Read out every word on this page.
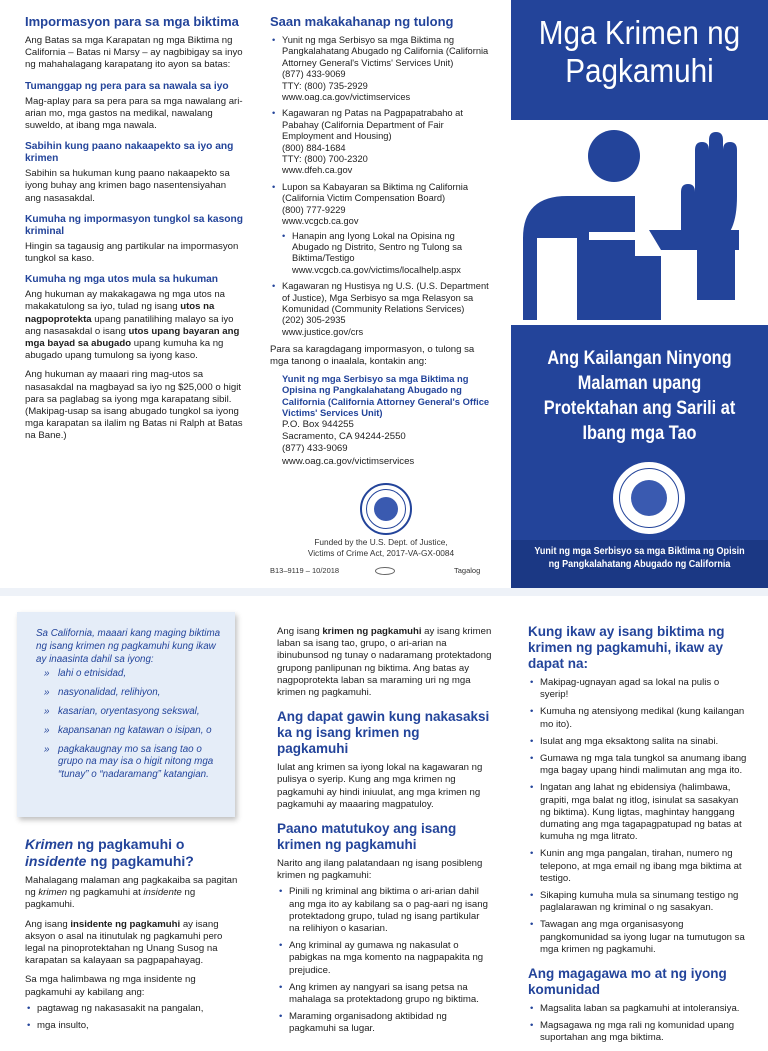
Impormasyon para sa mga biktima

Ang Batas sa mga Karapatan ng mga Biktima ng California – Batas ni Marsy – ay nagbibigay sa inyo ng mahahalagang karapatang ito ayon sa batas:

Tumanggap ng pera para sa nawala sa iyo

Mag-aplay para sa pera para sa mga nawalang ari-arian mo, mga gastos na medikal, nawalang suweldo, at ibang mga nawala.

Sabihin kung paano nakaapekto sa iyo ang krimen

Sabihin sa hukuman kung paano nakaapekto sa iyong buhay ang krimen bago nasentensiyahan ang nasasakdal.

Kumuha ng impormasyon tungkol sa kasong kriminal

Hingin sa tagausig ang partikular na impormasyon tungkol sa kaso.

Kumuha ng mga utos mula sa hukuman

Ang hukuman ay makakagawa ng mga utos na makakatulong sa iyo, tulad ng isang utos na nagpoprotekta upang panatilihing malayo sa iyo ang nasasakdal o isang utos upang bayaran ang mga bayad sa abugado upang kumuha ka ng abugado upang tumulong sa iyong kaso.

Ang hukuman ay maaari ring mag-utos sa nasasakdal na magbayad sa iyo ng $25,000 o higit para sa paglabag sa iyong mga karapatang sibil. (Makipag-usap sa isang abugado tungkol sa iyong mga karapatan sa ilalim ng Batas ni Ralph at Batas na Bane.)

Saan makakahanap ng tulong
• Yunit ng mga Serbisyo sa mga Biktima ng Pangkalahatang Abugado ng California (California Attorney General's Victims' Services Unit)
(877) 433-9069
TTY: (800) 735-2929
www.oag.ca.gov/victimservices
• Kagawaran ng Patas na Pagpapatrabaho at Pabahay (California Department of Fair Employment and Housing)
(800) 884-1684
TTY: (800) 700-2320
www.dfeh.ca.gov
• Lupon sa Kabayaran sa Biktima ng California (California Victim Compensation Board)
(800) 777-9229
www.vcgcb.ca.gov
• Hanapin ang Iyong Lokal na Opisina ng Abugado ng Distrito, Sentro ng Tulong sa Biktima/Testigo www.vcgcb.ca.gov/victims/localhelp.aspx
• Kagawaran ng Hustisya ng U.S. (U.S. Department of Justice), Mga Serbisyo sa mga Relasyon sa Komunidad (Community Relations Services)
(202) 305-2935
www.justice.gov/crs

Para sa karagdagang impormasyon, o tulong sa mga tanong o inaalala, kontakin ang:

Yunit ng mga Serbisyo sa mga Biktima ng Opisina ng Pangkalahatang Abugado ng California (California Attorney General's Office Victims' Services Unit)
P.O. Box 944255
Sacramento, CA 94244-2550
(877) 433-9069
www.oag.ca.gov/victimservices
Funded by the U.S. Dept. of Justice,
Victims of Crime Act, 2017-VA-GX-0084
B13–9119 – 10/2018	Tagalog
Mga Krimen ng Pagkamuhi
Ang Kailangan Ninyong Malaman upang Protektahan ang Sarili at Ibang mga Tao
Yunit ng mga Serbisyo sa mga Biktima ng Opisin ng Pangkalahatang Abugado ng California
Sa California, maaari kang maging biktima ng isang krimen ng pagkamuhi kung ikaw ay inaasinta dahil sa iyong:
» lahi o etnisidad,
» nasyonalidad, relihiyon,
» kasarian, oryentasyong sekswal,
» kapansanan ng katawan o isipan, o
» pagkakaugnay mo sa isang tao o grupo na may isa o higit nitong mga “tunay” o “nadaramang” katangian.
Krimen ng pagkamuhi o insidente ng pagkamuhi?

Mahalagang malaman ang pagkakaiba sa pagitan ng krimen ng pagkamuhi at insidente ng pagkamuhi.

Ang isang insidente ng pagkamuhi ay isang aksyon o asal na itinutulak ng pagkamuhi pero legal na pinoprotektahan ng Unang Susog na karapatan sa kalayaan sa pagpapahayag.

Sa mga halimbawa ng mga insidente ng pagkamuhi ay kabilang ang:

• pagtawag ng nakasasakit na pangalan,
• mga insulto,

Ang isang krimen ng pagkamuhi ay isang krimen laban sa isang tao, grupo, o ari-arian na ibinubunsod ng tunay o nadaramang protektadong grupong panlipunan ng biktima. Ang batas ay nagpoprotekta laban sa maraming uri ng mga krimen ng pagkamuhi.

Ang dapat gawin kung nakasaksi ka ng isang krimen ng pagkamuhi

Iulat ang krimen sa iyong lokal na kagawaran ng pulisya o syerip. Kung ang mga krimen ng pagkamuhi ay hindi iniuulat, ang mga krimen ng pagkamuhi ay maaaring magpatuloy.

Paano matutukoy ang isang krimen ng pagkamuhi

Narito ang ilang palatandaan ng isang posibleng krimen ng pagkamuhi:

• Pinili ng kriminal ang biktima o ari-arian dahil ang mga ito ay kabilang sa o pag-aari ng isang protektadong grupo, tulad ng isang partikular na relihiyon o kasarian.
• Ang kriminal ay gumawa ng nakasulat o pabigkas na mga komento na nagpapakita ng prejudice.
• Ang krimen ay nangyari sa isang petsa na mahalaga sa protektadong grupo ng biktima.
• Maraming organisadong aktibidad ng pagkamuhi sa lugar.
Kung ikaw ay isang biktima ng krimen ng pagkamuhi, ikaw ay dapat na:
• Makipag-ugnayan agad sa lokal na pulis o syerip!
• Kumuha ng atensiyong medikal (kung kailangan mo ito).
• Isulat ang mga eksaktong salita na sinabi.
• Gumawa ng mga tala tungkol sa anumang ibang mga bagay upang hindi malimutan ang mga ito.
• Ingatan ang lahat ng ebidensiya (halimbawa, grapiti, mga balat ng itlog, isinulat sa sasakyan ng biktima). Kung ligtas, maghintay hanggang dumating ang mga tagapagpatupad ng batas at kumuha ng mga litrato.
• Kunin ang mga pangalan, tirahan, numero ng telepono, at mga email ng ibang mga biktima at testigo.
• Sikaping kumuha mula sa sinumang testigo ng paglalarawan ng kriminal o ng sasakyan.
• Tawagan ang mga organisasyong pangkomunidad sa iyong lugar na tumutugon sa mga krimen ng pagkamuhi.
Ang magagawa mo at ng iyong komunidad
• Magsalita laban sa pagkamuhi at intoleransiya.
• Magsagawa ng mga rali ng komunidad upang suportahan ang mga biktima.
